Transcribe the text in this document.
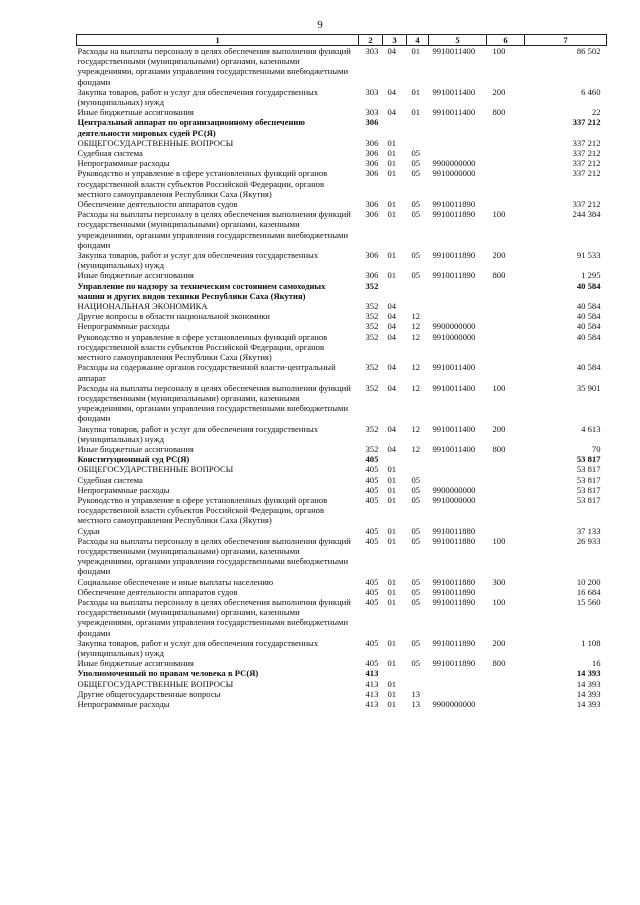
9
1	2	3	4	5	6	7
Расходы на выплаты персоналу в целях обеспечения выполнения функций государственными (муниципальными) органами, казенными учреждениями, органами управления государственными внебюджетными фондами	303	04	01	9910011400	100	86 502
Закупка товаров, работ и услуг для обеспечения государственных (муниципальных) нужд	303	04	01	9910011400	200	6 460
Иные бюджетные ассигнования	303	04	01	9910011400	800	22
Центральный аппарат по организационному обеспечению деятельности мировых судей РС(Я)	306					337 212
ОБЩЕГОСУДАРСТВЕННЫЕ ВОПРОСЫ	306	01				337 212
Судебная система	306	01	05			337 212
Непрограммные расходы	306	01	05	9900000000		337 212
Руководство и управление в сфере установленных функций органов государственной власти субъектов Российской Федерации, органов местного самоуправления Республики Саха (Якутия)	306	01	05	9910000000		337 212
Обеспечение деятельности аппаратов судов	306	01	05	9910011890		337 212
Расходы на выплаты персоналу в целях обеспечения выполнения функций государственными (муниципальными) органами, казенными учреждениями, органами управления государственными внебюджетными фондами	306	01	05	9910011890	100	244 384
Закупка товаров, работ и услуг для обеспечения государственных (муниципальных) нужд	306	01	05	9910011890	200	91 533
Иные бюджетные ассигнования	306	01	05	9910011890	800	1 295
Управление по надзору за техническим состоянием самоходных машин и других видов техники Республики Саха (Якутия)	352					40 584
НАЦИОНАЛЬНАЯ ЭКОНОМИКА	352	04				40 584
Другие вопросы в области национальной экономики	352	04	12			40 584
Непрограммные расходы	352	04	12	9900000000		40 584
Руководство и управление в сфере установленных функций органов государственной власти субъектов Российской Федерации, органов местного самоуправления Республики Саха (Якутия)	352	04	12	9910000000		40 584
Расходы на содержание органов государственной власти-центральный аппарат	352	04	12	9910011400		40 584
Расходы на выплаты персоналу в целях обеспечения выполнения функций государственными (муниципальными) органами, казенными учреждениями, органами управления государственными внебюджетными фондами	352	04	12	9910011400	100	35 901
Закупка товаров, работ и услуг для обеспечения государственных (муниципальных) нужд	352	04	12	9910011400	200	4 613
Иные бюджетные ассигнования	352	04	12	9910011400	800	70
Конституционный суд РС(Я)	405					53 817
ОБЩЕГОСУДАРСТВЕННЫЕ ВОПРОСЫ	405	01				53 817
Судебная система	405	01	05			53 817
Непрограммные расходы	405	01	05	9900000000		53 817
Руководство и управление в сфере установленных функций органов государственной власти субъектов Российской Федерации, органов местного самоуправления Республики Саха (Якутия)	405	01	05	9910000000		53 817
Судьи	405	01	05	9910011880		37 133
Расходы на выплаты персоналу в целях обеспечения выполнения функций государственными (муниципальными) органами, казенными учреждениями, органами управления государственными внебюджетными фондами	405	01	05	9910011880	100	26 933
Социальное обеспечение и иные выплаты населению	405	01	05	9910011880	300	10 200
Обеспечение деятельности аппаратов судов	405	01	05	9910011890		16 684
Расходы на выплаты персоналу в целях обеспечения выполнения функций государственными (муниципальными) органами, казенными учреждениями, органами управления государственными внебюджетными фондами	405	01	05	9910011890	100	15 560
Закупка товаров, работ и услуг для обеспечения государственных (муниципальных) нужд	405	01	05	9910011890	200	1 108
Иные бюджетные ассигнования	405	01	05	9910011890	800	16
Уполномоченный по правам человека в РС(Я)	413					14 393
ОБЩЕГОСУДАРСТВЕННЫЕ ВОПРОСЫ	413	01				14 393
Другие общегосударственные вопросы	413	01	13			14 393
Непрограммные расходы	413	01	13	9900000000		14 393
